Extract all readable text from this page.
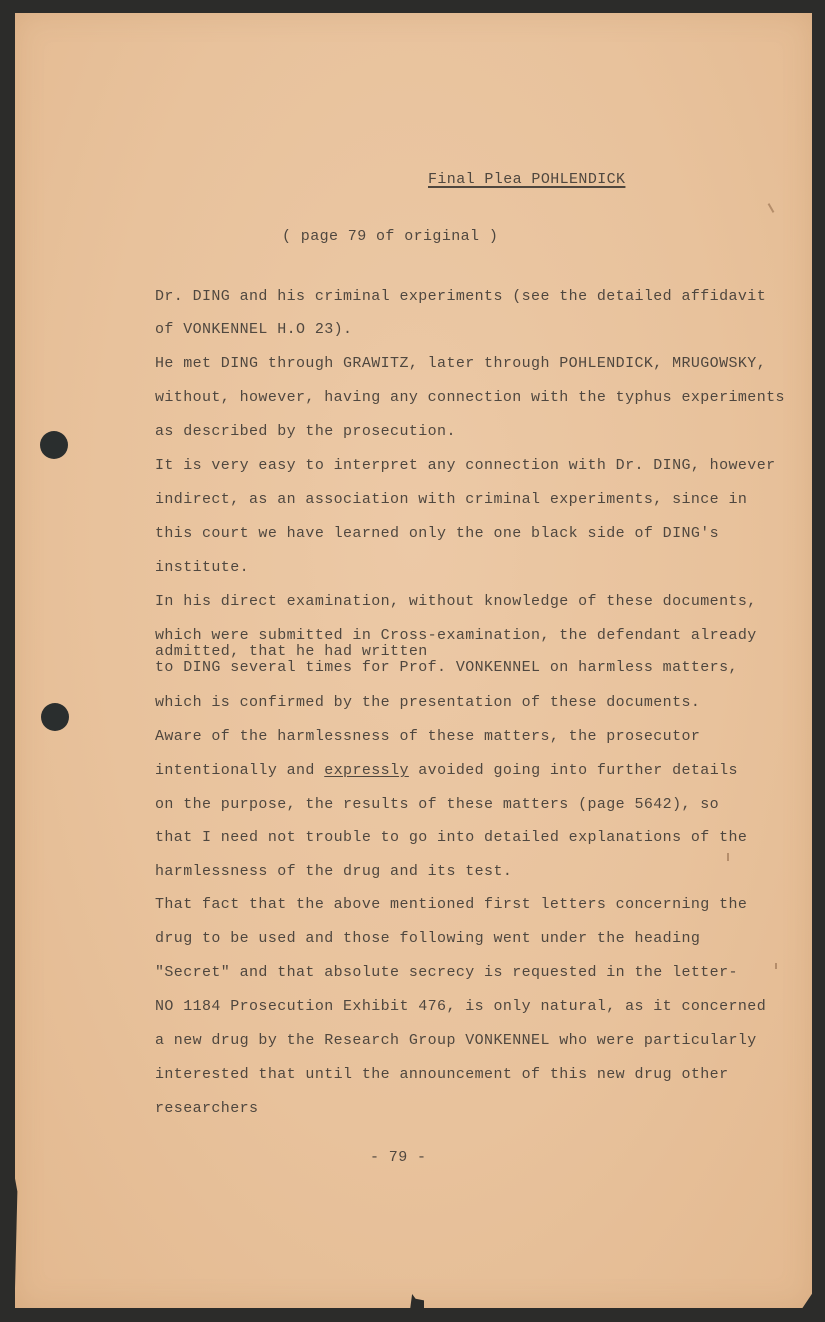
Final Plea POHLENDICK
( page 79 of original )
Dr. DING and his criminal experiments (see the detailed affidavit
of VONKENNEL H.O 23).
He met DING through GRAWITZ, later through POHLENDICK, MRUGOWSKY,
without, however, having any connection with the typhus experiments
as described by the prosecution.
It is very easy to interpret any connection with Dr. DING, however
indirect, as an association with criminal experiments, since in
this court we have learned only the one black side of DING's
institute.
In his direct examination, without knowledge of these documents,
which were submitted in Cross-examination, the defendant already
admitted, that he had written
to DING several times for Prof. VONKENNEL on harmless matters,
which is confirmed by the presentation of these documents.
Aware of the harmlessness of these matters, the prosecutor
intentionally and expressly avoided going into further details
on the purpose, the results of these matters (page 5642), so
that I need not trouble to go into detailed explanations of the
harmlessness of the drug and its test.
That fact that the above mentioned first letters concerning the
drug to be used and those following went under the heading
"Secret" and that absolute secrecy is requested in the letter-
NO 1184 Prosecution Exhibit 476, is only natural, as it concerned
a new drug by the Research Group VONKENNEL who were particularly
interested that until the announcement of this new drug other
researchers
- 79 -
